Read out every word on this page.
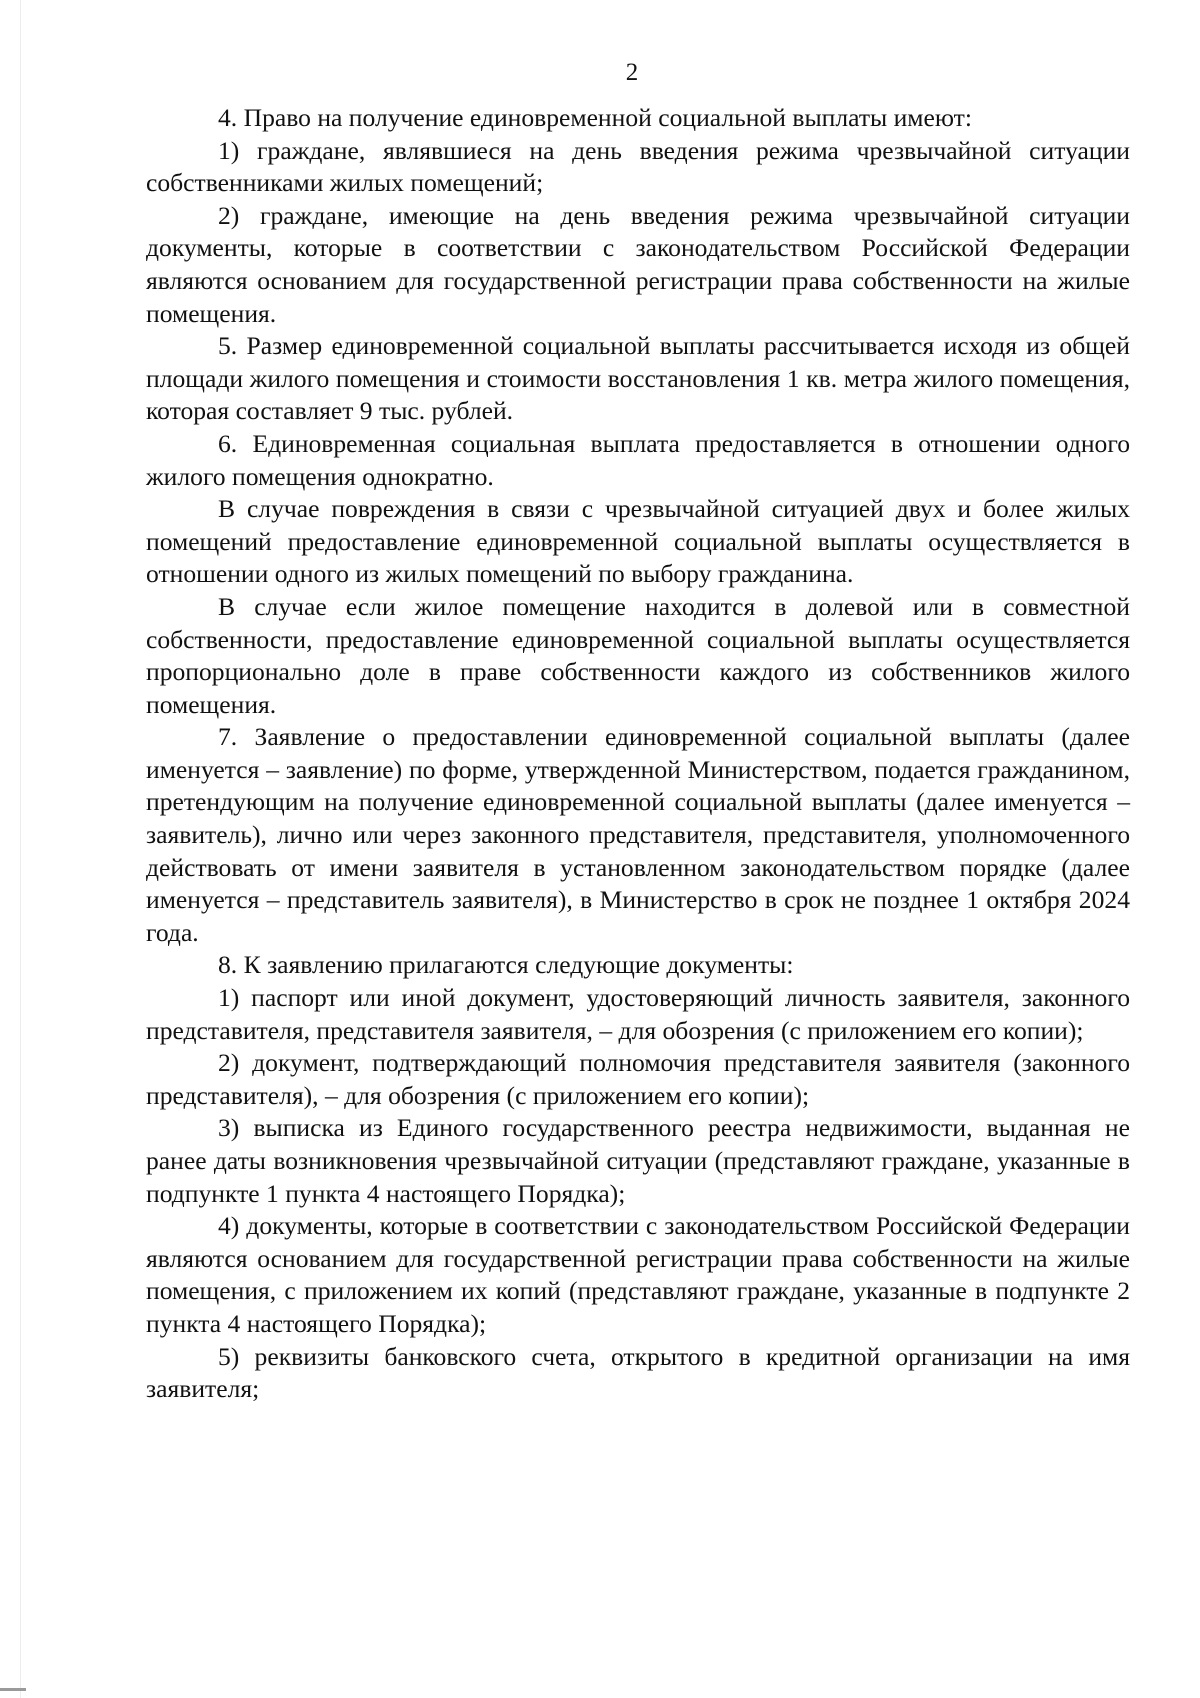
2

4. Право на получение единовременной социальной выплаты имеют:

1) граждане, являвшиеся на день введения режима чрезвычайной ситуации собственниками жилых помещений;

2) граждане, имеющие на день введения режима чрезвычайной ситуации документы, которые в соответствии с законодательством Российской Федерации являются основанием для государственной регистрации права собственности на жилые помещения.

5. Размер единовременной социальной выплаты рассчитывается исходя из общей площади жилого помещения и стоимости восстановления 1 кв. метра жилого помещения, которая составляет 9 тыс. рублей.

6. Единовременная социальная выплата предоставляется в отношении одного жилого помещения однократно.

В случае повреждения в связи с чрезвычайной ситуацией двух и более жилых помещений предоставление единовременной социальной выплаты осуществляется в отношении одного из жилых помещений по выбору гражданина.

В случае если жилое помещение находится в долевой или в совместной собственности, предоставление единовременной социальной выплаты осуществляется пропорционально доле в праве собственности каждого из собственников жилого помещения.

7. Заявление о предоставлении единовременной социальной выплаты (далее именуется – заявление) по форме, утвержденной Министерством, подается гражданином, претендующим на получение единовременной социальной выплаты (далее именуется – заявитель), лично или через законного представителя, представителя, уполномоченного действовать от имени заявителя в установленном законодательством порядке (далее именуется – представитель заявителя), в Министерство в срок не позднее 1 октября 2024 года.

8. К заявлению прилагаются следующие документы:

1) паспорт или иной документ, удостоверяющий личность заявителя, законного представителя, представителя заявителя, – для обозрения (с приложением его копии);

2) документ, подтверждающий полномочия представителя заявителя (законного представителя), – для обозрения (с приложением его копии);

3) выписка из Единого государственного реестра недвижимости, выданная не ранее даты возникновения чрезвычайной ситуации (представляют граждане, указанные в подпункте 1 пункта 4 настоящего Порядка);

4) документы, которые в соответствии с законодательством Российской Федерации являются основанием для государственной регистрации права собственности на жилые помещения, с приложением их копий (представляют граждане, указанные в подпункте 2 пункта 4 настоящего Порядка);

5) реквизиты банковского счета, открытого в кредитной организации на имя заявителя;
